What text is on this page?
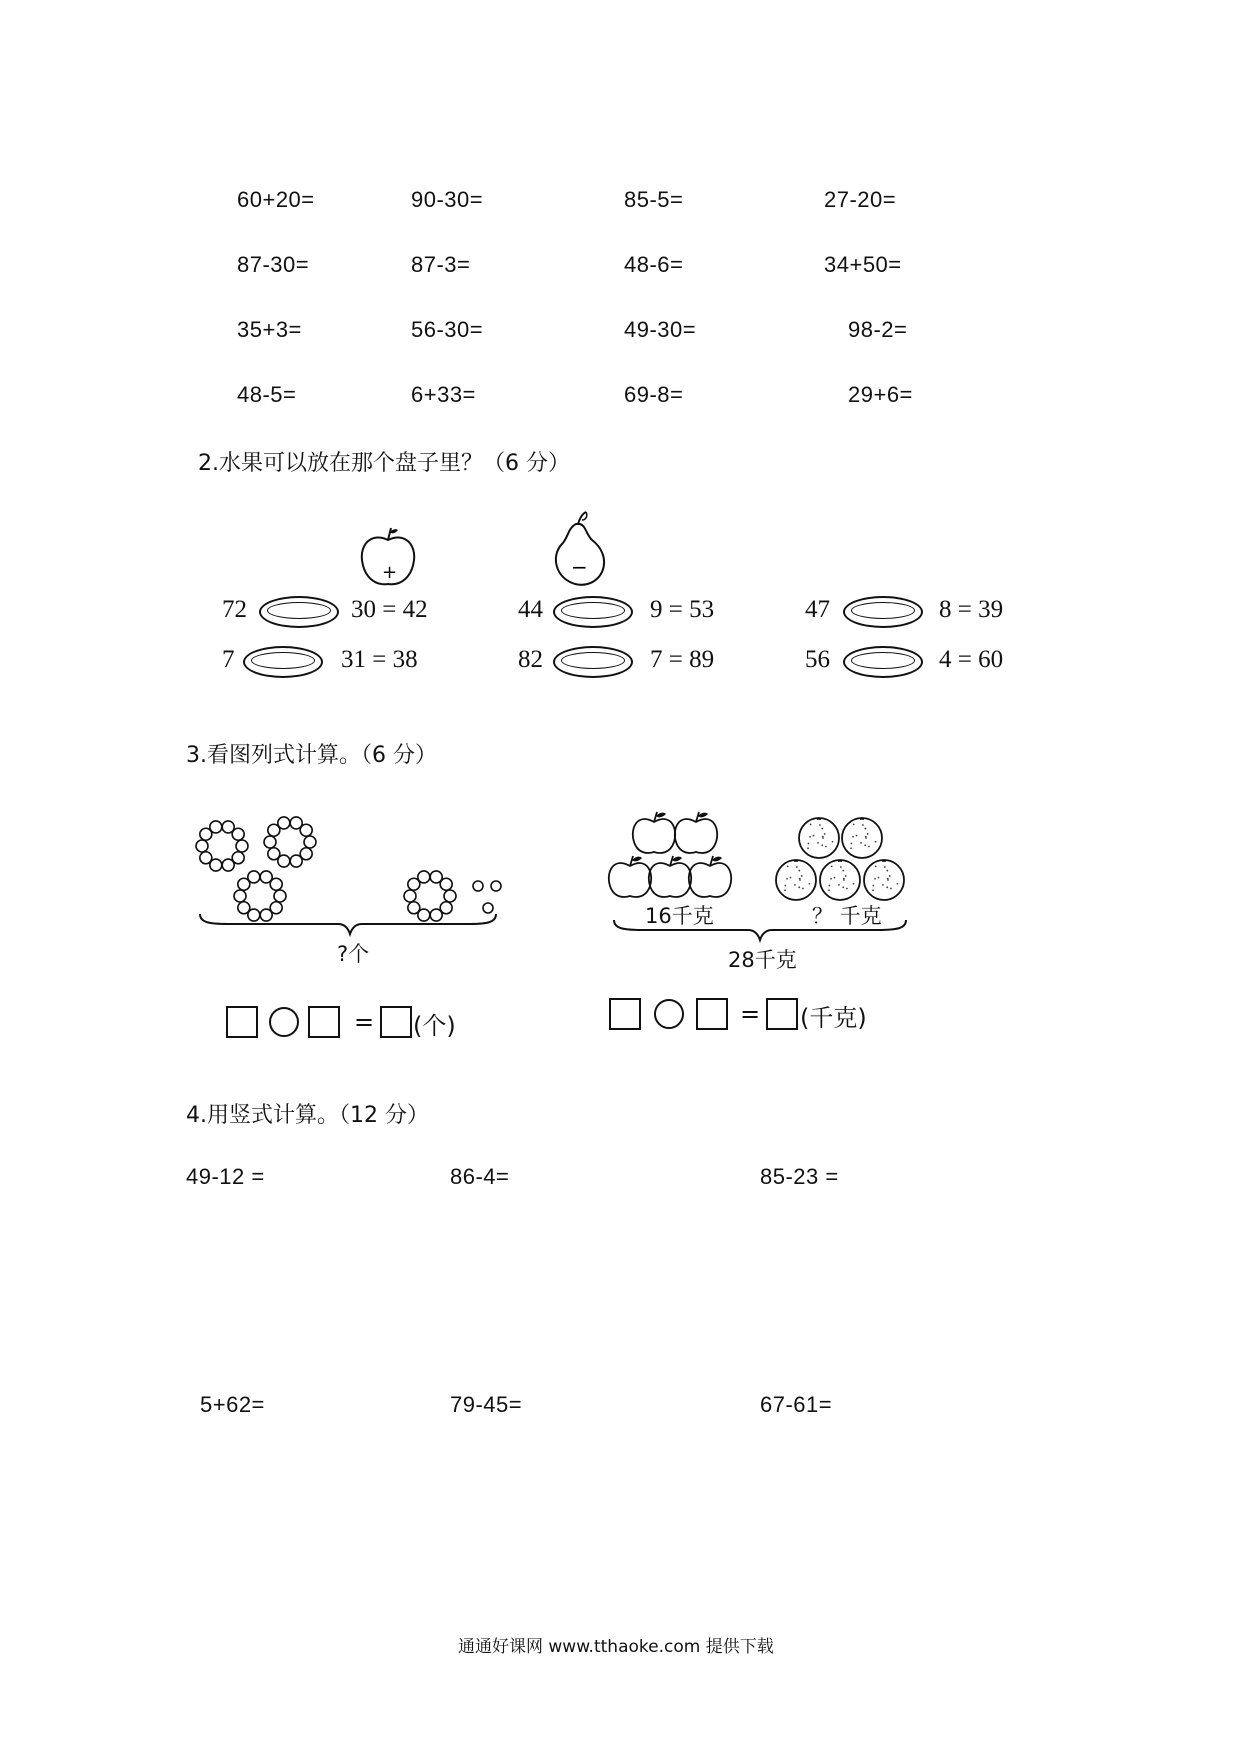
60+20=	90-30=	85-5=	27-20=
87-30=	87-3=	48-6=	34+50=
35+3=	56-30=	49-30=	98-2=
48-5=	6+33=	69-8=	29+6=
2.水果可以放在那个盘子里？（6 分）
+	−
72	30 = 42	44	9 = 53	47	8 = 39
7	31 = 38	82	7 = 89	56	4 = 60
3.看图列式计算。（6 分）
?个
= (个)
16千克	？ 千克
28千克
= (千克)
4.用竖式计算。（12 分）
49-12 =	86-4=	85-23 =
5+62=	79-45=	67-61=
通通好课网 www.tthaoke.com 提供下载
